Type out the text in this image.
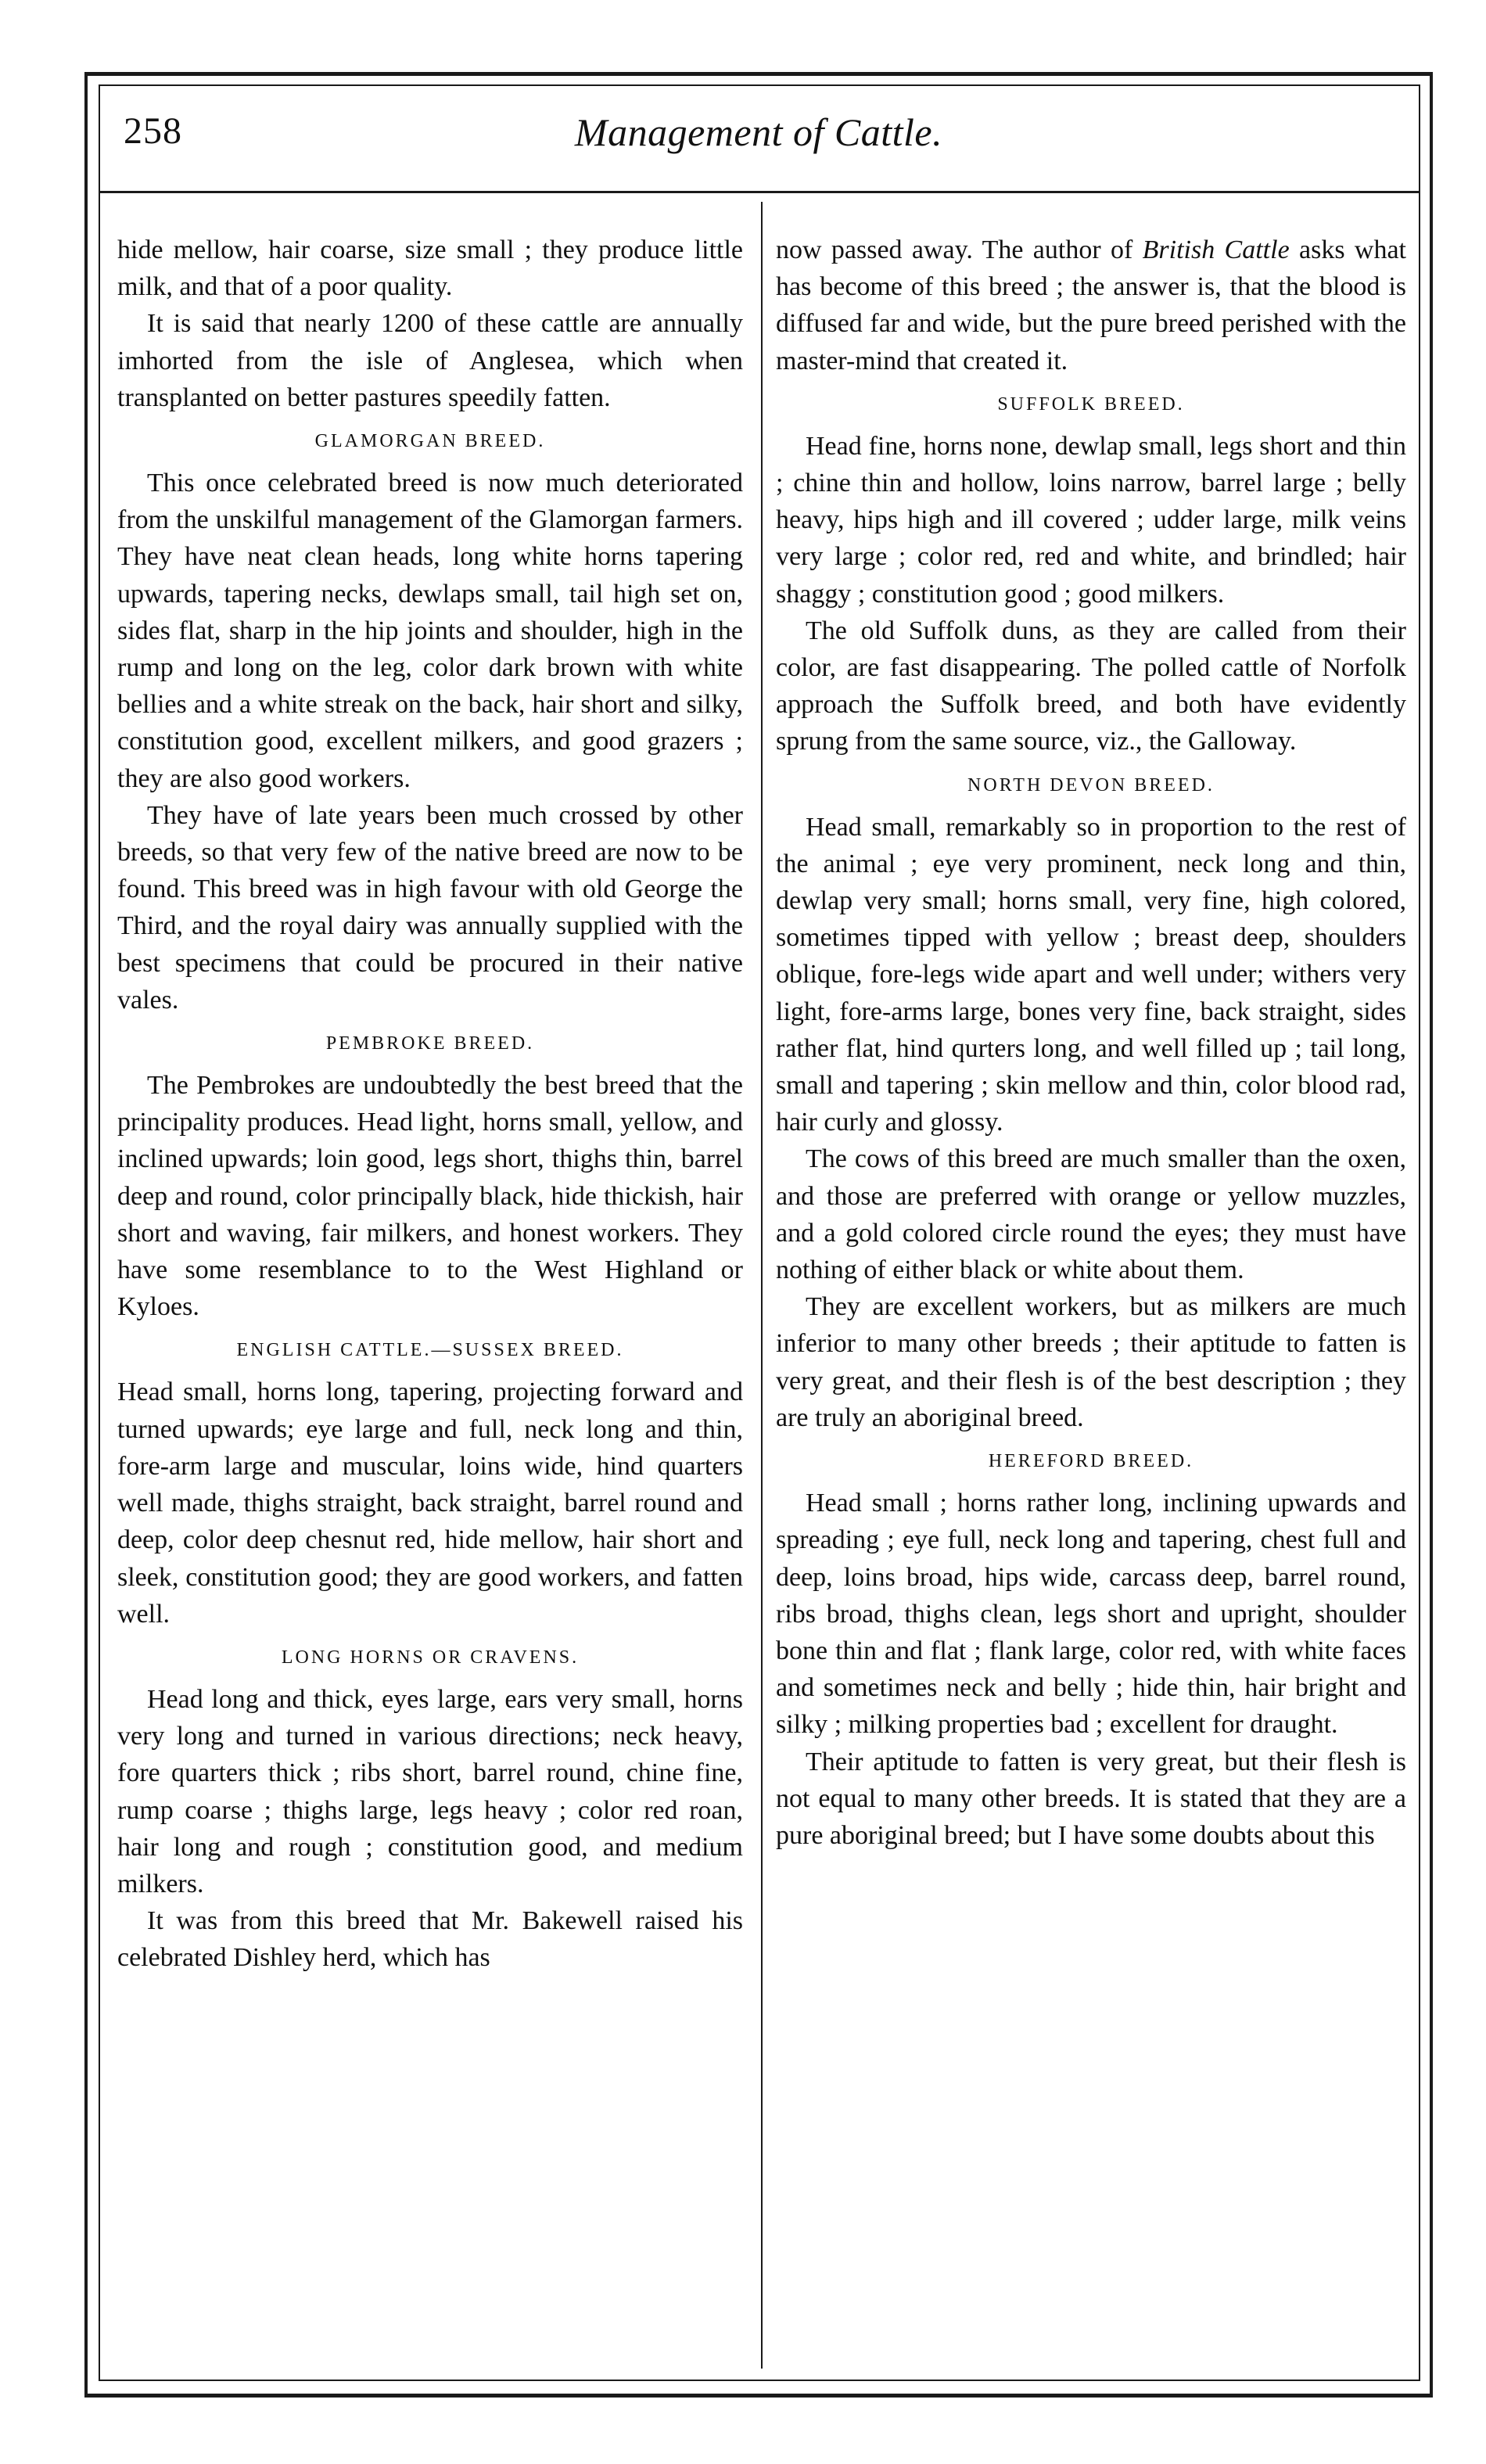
258	Management of Cattle.

hide mellow, hair coarse, size small ; they produce little milk, and that of a poor quality.

It is said that nearly 1200 of these cattle are annually imhorted from the isle of Anglesea, which when transplanted on better pastures speedily fatten.

GLAMORGAN BREED.

This once celebrated breed is now much deteriorated from the unskilful management of the Glamorgan farmers. They have neat clean heads, long white horns tapering upwards, tapering necks, dewlaps small, tail high set on, sides flat, sharp in the hip joints and shoulder, high in the rump and long on the leg, color dark brown with white bellies and a white streak on the back, hair short and silky, constitution good, excellent milkers, and good grazers ; they are also good workers.

They have of late years been much crossed by other breeds, so that very few of the native breed are now to be found. This breed was in high favour with old George the Third, and the royal dairy was annually supplied with the best specimens that could be procured in their native vales.

PEMBROKE BREED.

The Pembrokes are undoubtedly the best breed that the principality produces. Head light, horns small, yellow, and inclined upwards; loin good, legs short, thighs thin, barrel deep and round, color principally black, hide thickish, hair short and waving, fair milkers, and honest workers. They have some resemblance to to the West Highland or Kyloes.

ENGLISH CATTLE.—SUSSEX BREED.

Head small, horns long, tapering, projecting forward and turned upwards; eye large and full, neck long and thin, fore-arm large and muscular, loins wide, hind quarters well made, thighs straight, back straight, barrel round and deep, color deep chesnut red, hide mellow, hair short and sleek, constitution good; they are good workers, and fatten well.

LONG HORNS OR CRAVENS.

Head long and thick, eyes large, ears very small, horns very long and turned in various directions; neck heavy, fore quarters thick ; ribs short, barrel round, chine fine, rump coarse ; thighs large, legs heavy ; color red roan, hair long and rough ; constitution good, and medium milkers.

It was from this breed that Mr. Bakewell raised his celebrated Dishley herd, which has

now passed away. The author of British Cattle asks what has become of this breed ; the answer is, that the blood is diffused far and wide, but the pure breed perished with the master-mind that created it.

SUFFOLK BREED.

Head fine, horns none, dewlap small, legs short and thin ; chine thin and hollow, loins narrow, barrel large ; belly heavy, hips high and ill covered ; udder large, milk veins very large ; color red, red and white, and brindled; hair shaggy ; constitution good ; good milkers.

The old Suffolk duns, as they are called from their color, are fast disappearing. The polled cattle of Norfolk approach the Suffolk breed, and both have evidently sprung from the same source, viz., the Galloway.

NORTH DEVON BREED.

Head small, remarkably so in proportion to the rest of the animal ; eye very prominent, neck long and thin, dewlap very small; horns small, very fine, high colored, sometimes tipped with yellow ; breast deep, shoulders oblique, fore-legs wide apart and well under; withers very light, fore-arms large, bones very fine, back straight, sides rather flat, hind qurters long, and well filled up ; tail long, small and tapering ; skin mellow and thin, color blood rad, hair curly and glossy.

The cows of this breed are much smaller than the oxen, and those are preferred with orange or yellow muzzles, and a gold colored circle round the eyes; they must have nothing of either black or white about them.

They are excellent workers, but as milkers are much inferior to many other breeds ; their aptitude to fatten is very great, and their flesh is of the best description ; they are truly an aboriginal breed.

HEREFORD BREED.

Head small ; horns rather long, inclining upwards and spreading ; eye full, neck long and tapering, chest full and deep, loins broad, hips wide, carcass deep, barrel round, ribs broad, thighs clean, legs short and upright, shoulder bone thin and flat ; flank large, color red, with white faces and sometimes neck and belly ; hide thin, hair bright and silky ; milking properties bad ; excellent for draught.

Their aptitude to fatten is very great, but their flesh is not equal to many other breeds. It is stated that they are a pure aboriginal breed; but I have some doubts about this
